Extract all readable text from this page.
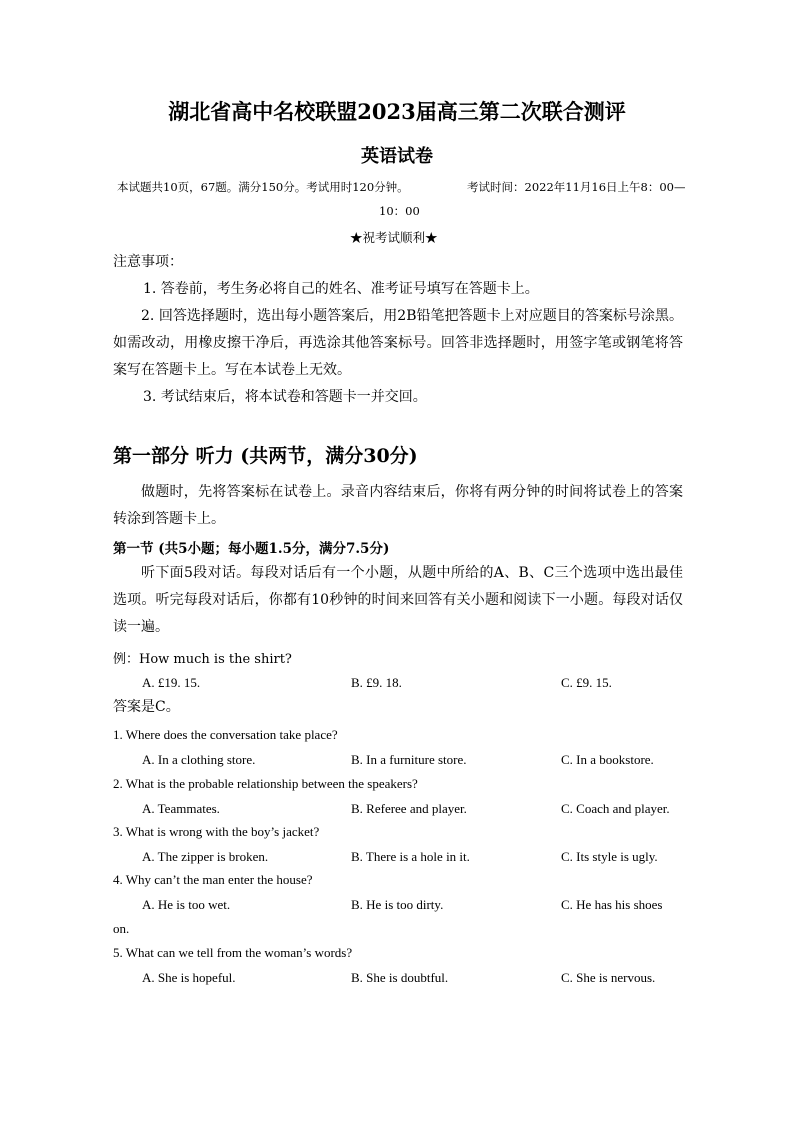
湖北省高中名校联盟2023届高三第二次联合测评
英语试卷
本试题共10页，67题。满分150分。考试用时120分钟。	考试时间：2022年11月16日上午8：00—
10：00
★祝考试顺利★
注意事项：
1. 答卷前，考生务必将自己的姓名、准考证号填写在答题卡上。
2. 回答选择题时，选出每小题答案后，用2B铅笔把答题卡上对应题目的答案标号涂黑。如需改动，用橡皮擦干净后，再选涂其他答案标号。回答非选择题时，用签字笔或钢笔将答案写在答题卡上。写在本试卷上无效。
3. 考试结束后，将本试卷和答题卡一并交回。
第一部分 听力 (共两节，满分30分)
做题时，先将答案标在试卷上。录音内容结束后，你将有两分钟的时间将试卷上的答案转涂到答题卡上。
第一节 (共5小题；每小题1.5分，满分7.5分)
听下面5段对话。每段对话后有一个小题，从题中所给的A、B、C三个选项中选出最佳选项。听完每段对话后，你都有10秒钟的时间来回答有关小题和阅读下一小题。每段对话仅读一遍。
例：How much is the shirt?
A. £19. 15.	B. £9. 18.	C. £9. 15.
答案是C。
1. Where does the conversation take place?
A. In a clothing store.	B. In a furniture store.	C. In a bookstore.
2. What is the probable relationship between the speakers?
A. Teammates.	B. Referee and player.	C. Coach and player.
3. What is wrong with the boy’s jacket?
A. The zipper is broken.	B. There is a hole in it.	C. Its style is ugly.
4. Why can’t the man enter the house?
A. He is too wet.	B. He is too dirty.	C. He has his shoes
on.
5. What can we tell from the woman’s words?
A. She is hopeful.	B. She is doubtful.	C. She is nervous.
